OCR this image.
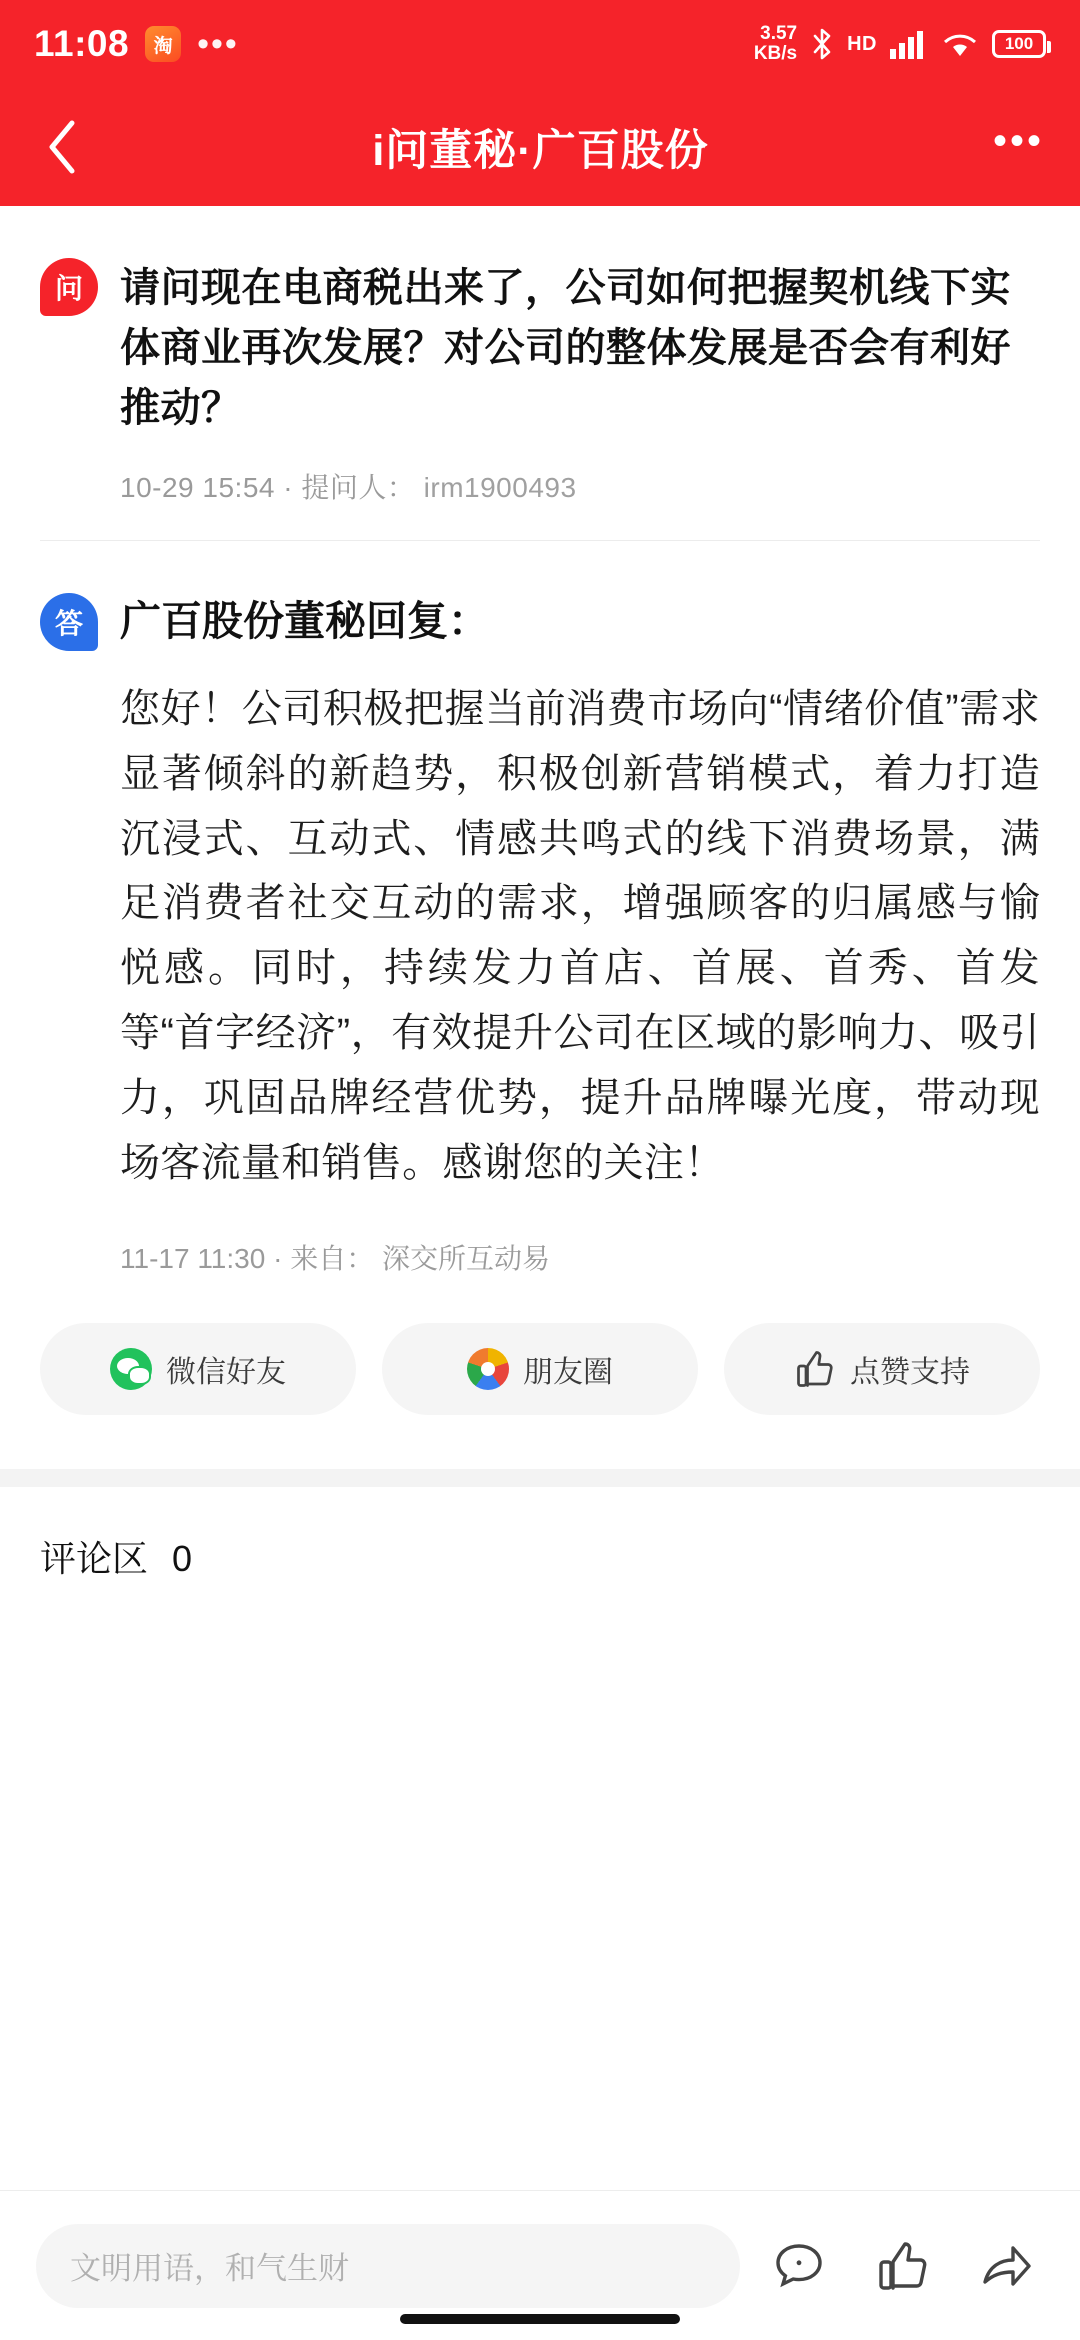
11:08	淘 •••	3.57
KB/s	HD	100
i问董秘·广百股份	•••
问 请问现在电商税出来了，公司如何把握契机线下实体商业再次发展？对公司的整体发展是否会有利好推动？
10-29 15:54 · 提问人： irm1900493
答 广百股份董秘回复：
您好！公司积极把握当前消费市场向“情绪价值”需求显著倾斜的新趋势，积极创新营销模式，着力打造沉浸式、互动式、情感共鸣式的线下消费场景，满足消费者社交互动的需求，增强顾客的归属感与愉悦感。同时，持续发力首店、首展、首秀、首发等“首字经济”，有效提升公司在区域的影响力、吸引力，巩固品牌经营优势，提升品牌曝光度，带动现场客流量和销售。感谢您的关注！
11-17 11:30 · 来自： 深交所互动易
微信好友	朋友圈	点赞支持
评论区 0
文明用语，和气生财
